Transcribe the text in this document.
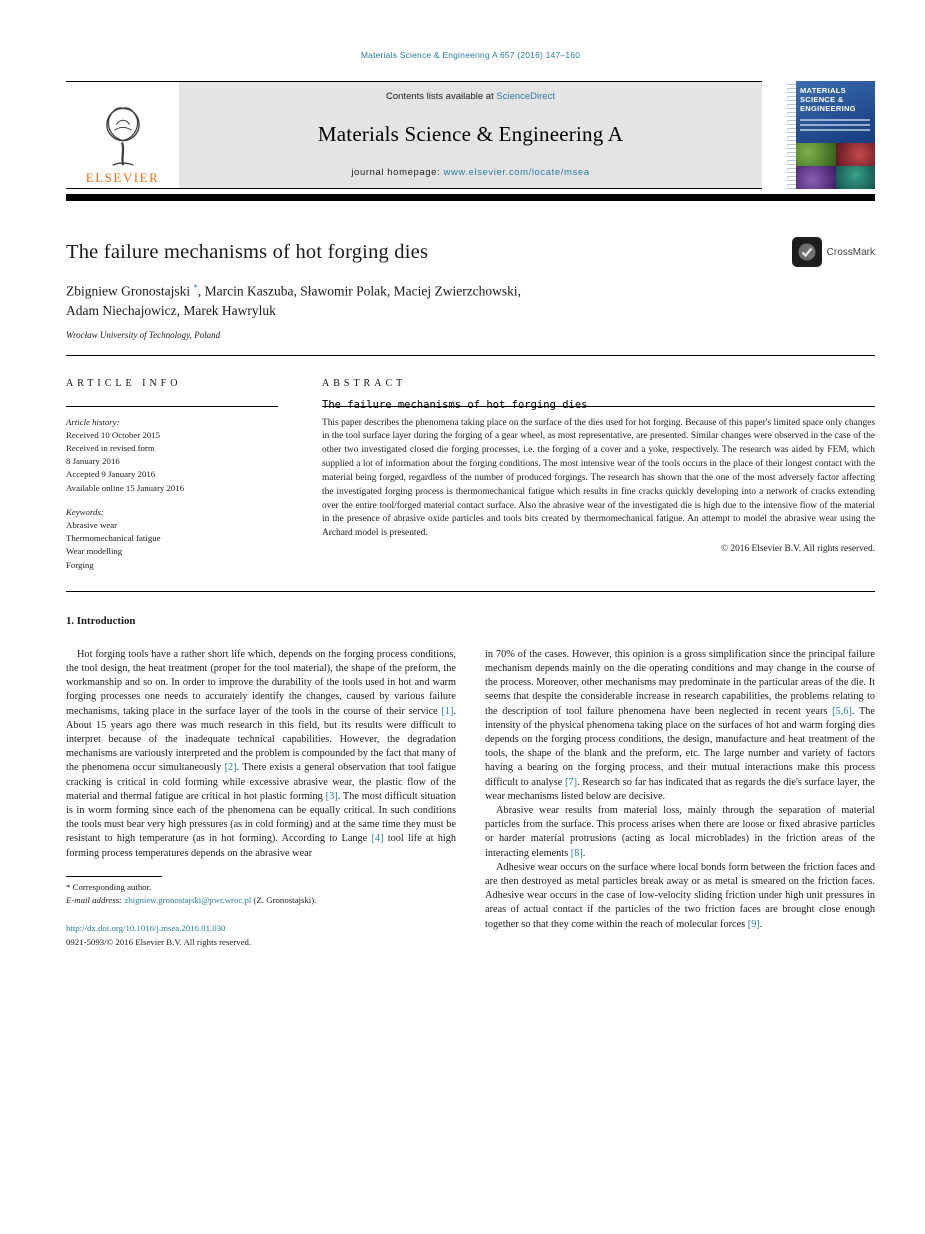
Materials Science & Engineering A 657 (2016) 147–160
ELSEVIER
Contents lists available at ScienceDirect
Materials Science & Engineering A
journal homepage: www.elsevier.com/locate/msea
MATERIALS
SCIENCE &
ENGINEERING
The failure mechanisms of hot forging dies	CrossMark
Zbigniew Gronostajski *, Marcin Kaszuba, Sławomir Polak, Maciej Zwierzchowski,
Adam Niechajowicz, Marek Hawryluk
Wrocław University of Technology, Poland
ARTICLE INFO
Article history:
Received 10 October 2015
Received in revised form
8 January 2016
Accepted 9 January 2016
Available online 15 January 2016
Keywords:
Abrasive wear
Thermomechanical fatigue
Wear modelling
Forging
ABSTRACT
The failure mechanisms of hot forging dies
This paper describes the phenomena taking place on the surface of the dies used for hot forging. Because of this paper's limited space only changes in the tool surface layer during the forging of a gear wheel, as most representative, are presented. Similar changes were observed in the case of the other two investigated closed die forging processes, i.e. the forging of a cover and a yoke, respectively. The research was aided by FEM, which supplied a lot of information about the forging conditions. The most intensive wear of the tools occurs in the place of their longest contact with the material being forged, regardless of the number of produced forgings. The research has shown that the one of the most adversely factor affecting the investigated forging process is thermomechanical fatigue which results in fine cracks quickly developing into a network of cracks extending over the entire tool/forged material contact surface. Also the abrasive wear of the investigated die is high due to the intensive flow of the material in the presence of abrasive oxide particles and tools bits created by thermomechanical fatigue. An attempt to model the abrasive wear using the Archard model is presented.
© 2016 Elsevier B.V. All rights reserved.
1. Introduction

Hot forging tools have a rather short life which, depends on the forging process conditions, the tool design, the heat treatment (proper for the tool material), the shape of the preform, the workmanship and so on. In order to improve the durability of the tools used in hot and warm forging processes one needs to accurately identify the changes, caused by various failure mechanisms, taking place in the surface layer of the tools in the course of their service [1]. About 15 years ago there was much research in this field, but its results were difficult to interpret because of the inadequate technical capabilities. However, the degradation mechanisms are variously interpreted and the problem is compounded by the fact that many of the phenomena occur simultaneously [2]. There exists a general observation that tool fatigue cracking is critical in cold forming while excessive abrasive wear, the plastic flow of the material and thermal fatigue are critical in hot plastic forming [3]. The most difficult situation is in worm forming since each of the phenomena can be equally critical. In such conditions the tools must bear very high pressures (as in cold forming) and at the same time they must be resistant to high temperature (as in hot forming). According to Lange [4] tool life at high forming process temperatures depends on the abrasive wear

* Corresponding author.
E-mail address: zbigniew.gronostajski@pwr.wroc.pl (Z. Gronostajski).
http://dx.doi.org/10.1016/j.msea.2016.01.030
0921-5093/© 2016 Elsevier B.V. All rights reserved.

in 70% of the cases. However, this opinion is a gross simplification since the principal failure mechanism depends mainly on the die operating conditions and may change in the course of the process. Moreover, other mechanisms may predominate in the particular areas of the die. It seems that despite the considerable increase in research capabilities, the problems relating to the description of tool failure phenomena have been neglected in recent years [5,6]. The intensity of the physical phenomena taking place on the surfaces of hot and warm forging dies depends on the forging process conditions, the design, manufacture and heat treatment of the tools, the shape of the blank and the preform, etc. The large number and variety of factors having a bearing on the forging process, and their mutual interactions make this process difficult to analyse [7]. Research so far has indicated that as regards the die's surface layer, the wear mechanisms listed below are decisive.

Abrasive wear results from material loss, mainly through the separation of material particles from the surface. This process arises when there are loose or fixed abrasive particles or harder material protrusions (acting as local microblades) in the friction areas of the interacting elements [8].

Adhesive wear occurs on the surface where local bonds form between the friction faces and are then destroyed as metal particles break away or as metal is smeared on the friction faces. Adhesive wear occurs in the case of low-velocity sliding friction under high unit pressures in areas of actual contact if the particles of the two friction faces are brought close enough together so that they come within the reach of molecular forces [9].
